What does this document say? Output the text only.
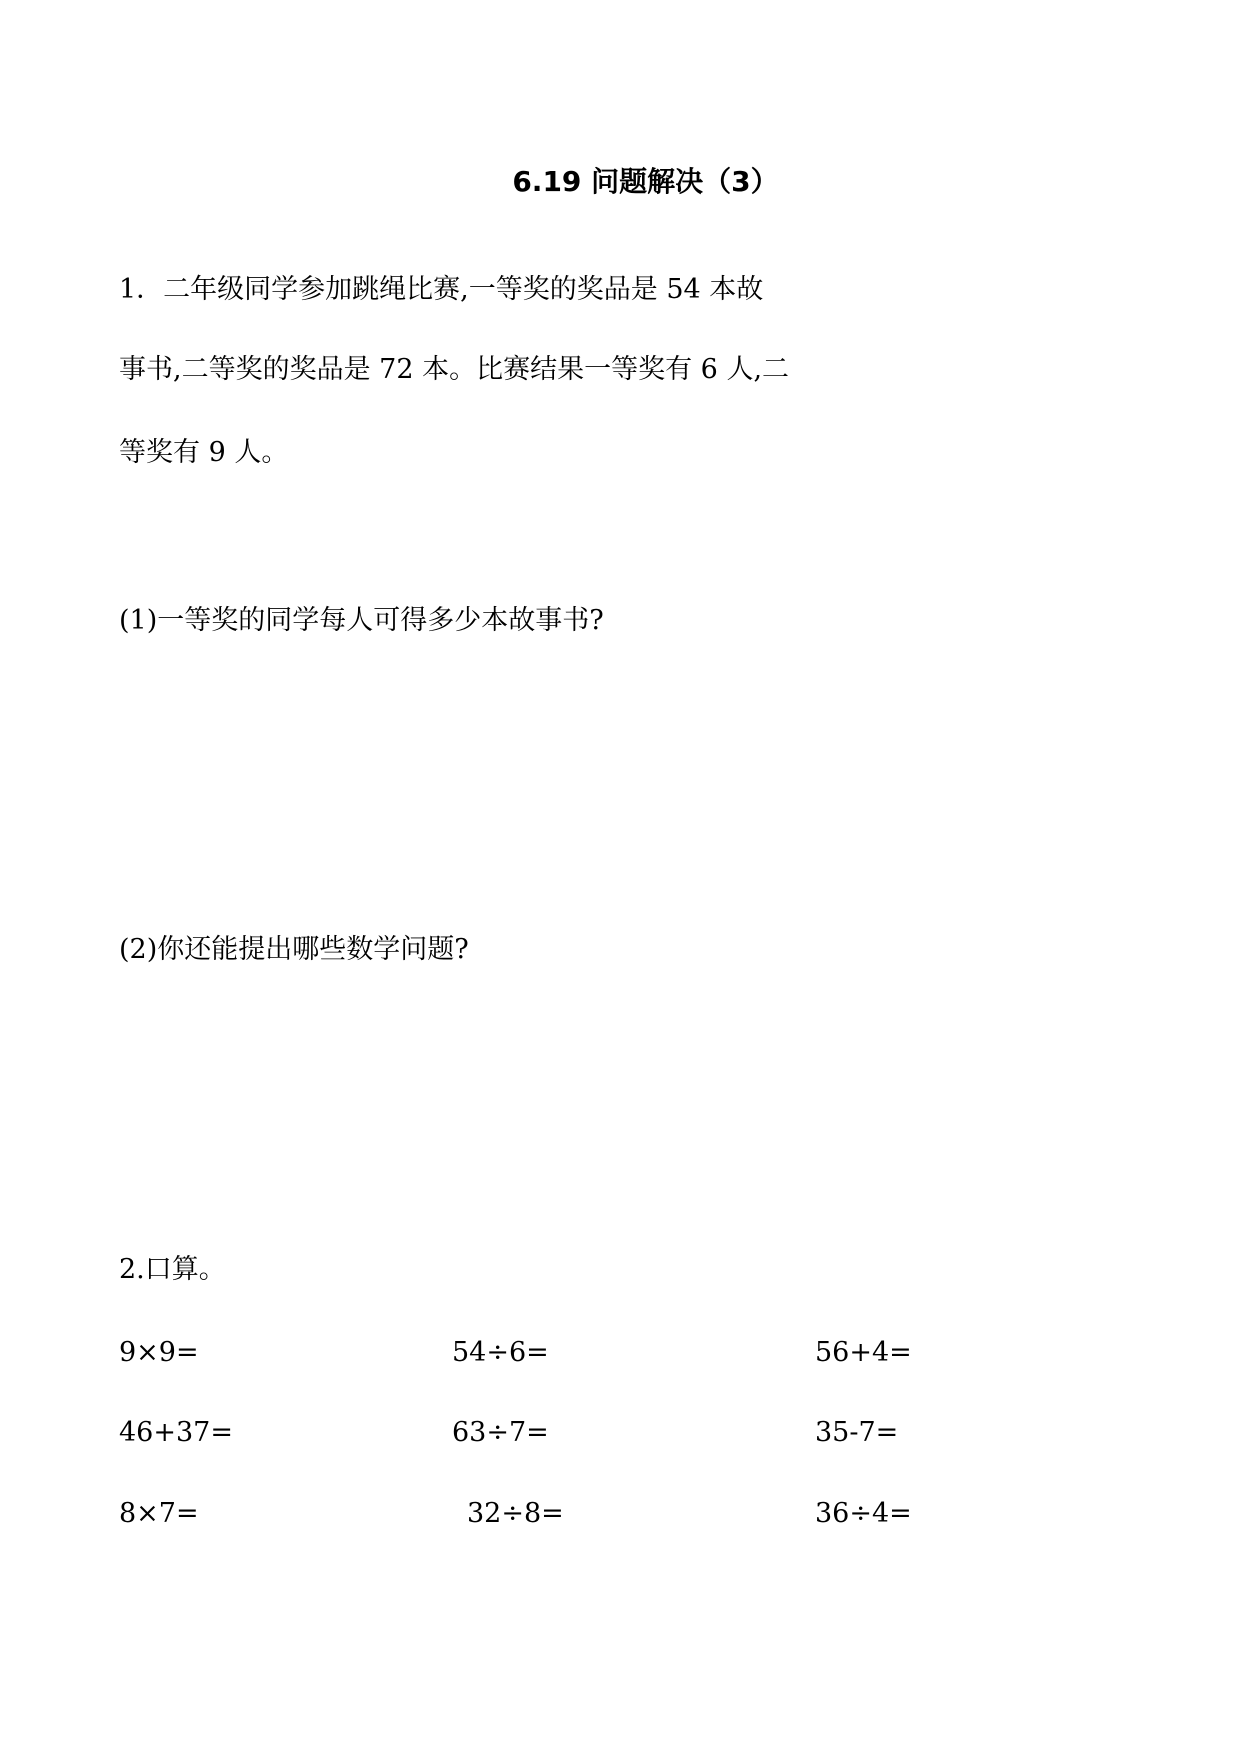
6.19 问题解决（3）
1．二年级同学参加跳绳比赛,一等奖的奖品是 54 本故
事书,二等奖的奖品是 72 本。比赛结果一等奖有 6 人,二
等奖有 9 人。
(1)一等奖的同学每人可得多少本故事书?
(2)你还能提出哪些数学问题?
2.口算。
9×9=	54÷6=	56+4=
46+37=	63÷7=	35-7=
8×7=	32÷8=	36÷4=
